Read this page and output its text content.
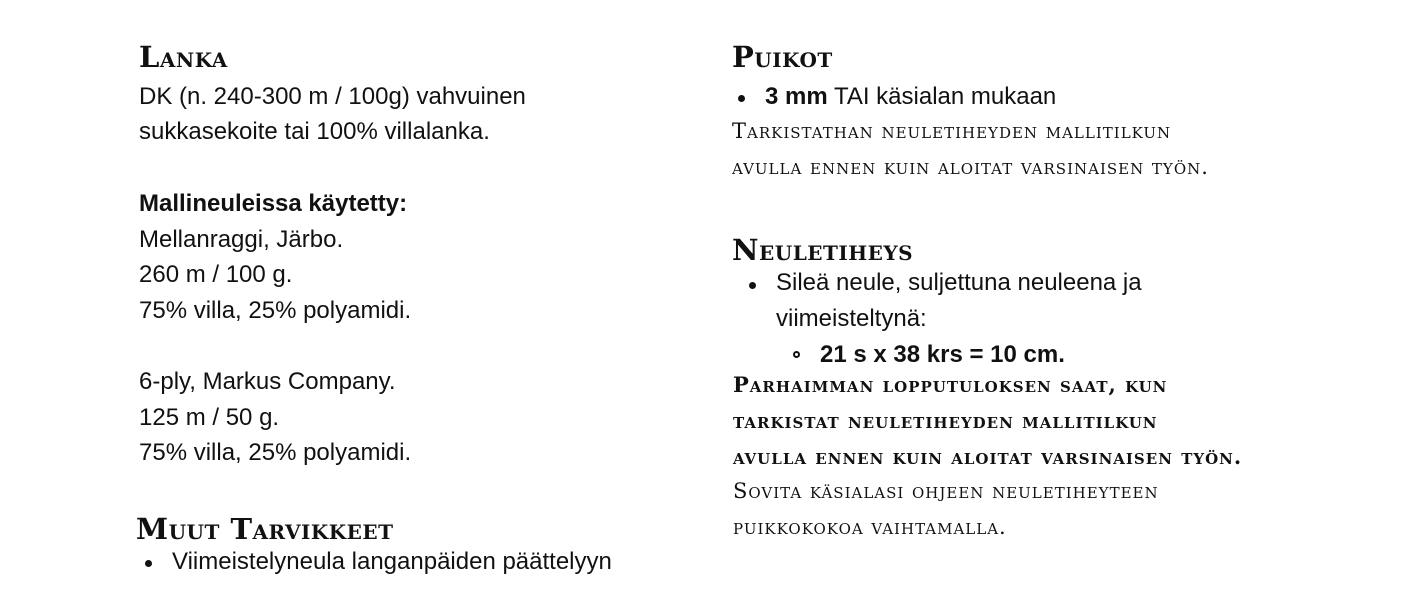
Lanka
DK (n. 240-300 m / 100g) vahvuinen
sukkasekoite tai 100% villalanka.
Mallineuleissa käytetty:
Mellanraggi, Järbo.
260 m / 100 g.
75% villa, 25% polyamidi.
6-ply, Markus Company.
125 m / 50 g.
75% villa, 25% polyamidi.
Muut Tarvikkeet
Viimeistelyneula langanpäiden päättelyyn
Puikot
3 mm TAI käsialan mukaan
Tarkistathan neuletiheyden mallitilkun
avulla ennen kuin aloitat varsinaisen työn.
Neuletiheys
Sileä neule, suljettuna neuleena ja
viimeisteltynä:
21 s x 38 krs = 10 cm.
Parhaimman lopputuloksen saat, kun
tarkistat neuletiheyden mallitilkun
avulla ennen kuin aloitat varsinaisen työn.
Sovita käsialasi ohjeen neuletiheyteen
puikkokokoa vaihtamalla.
